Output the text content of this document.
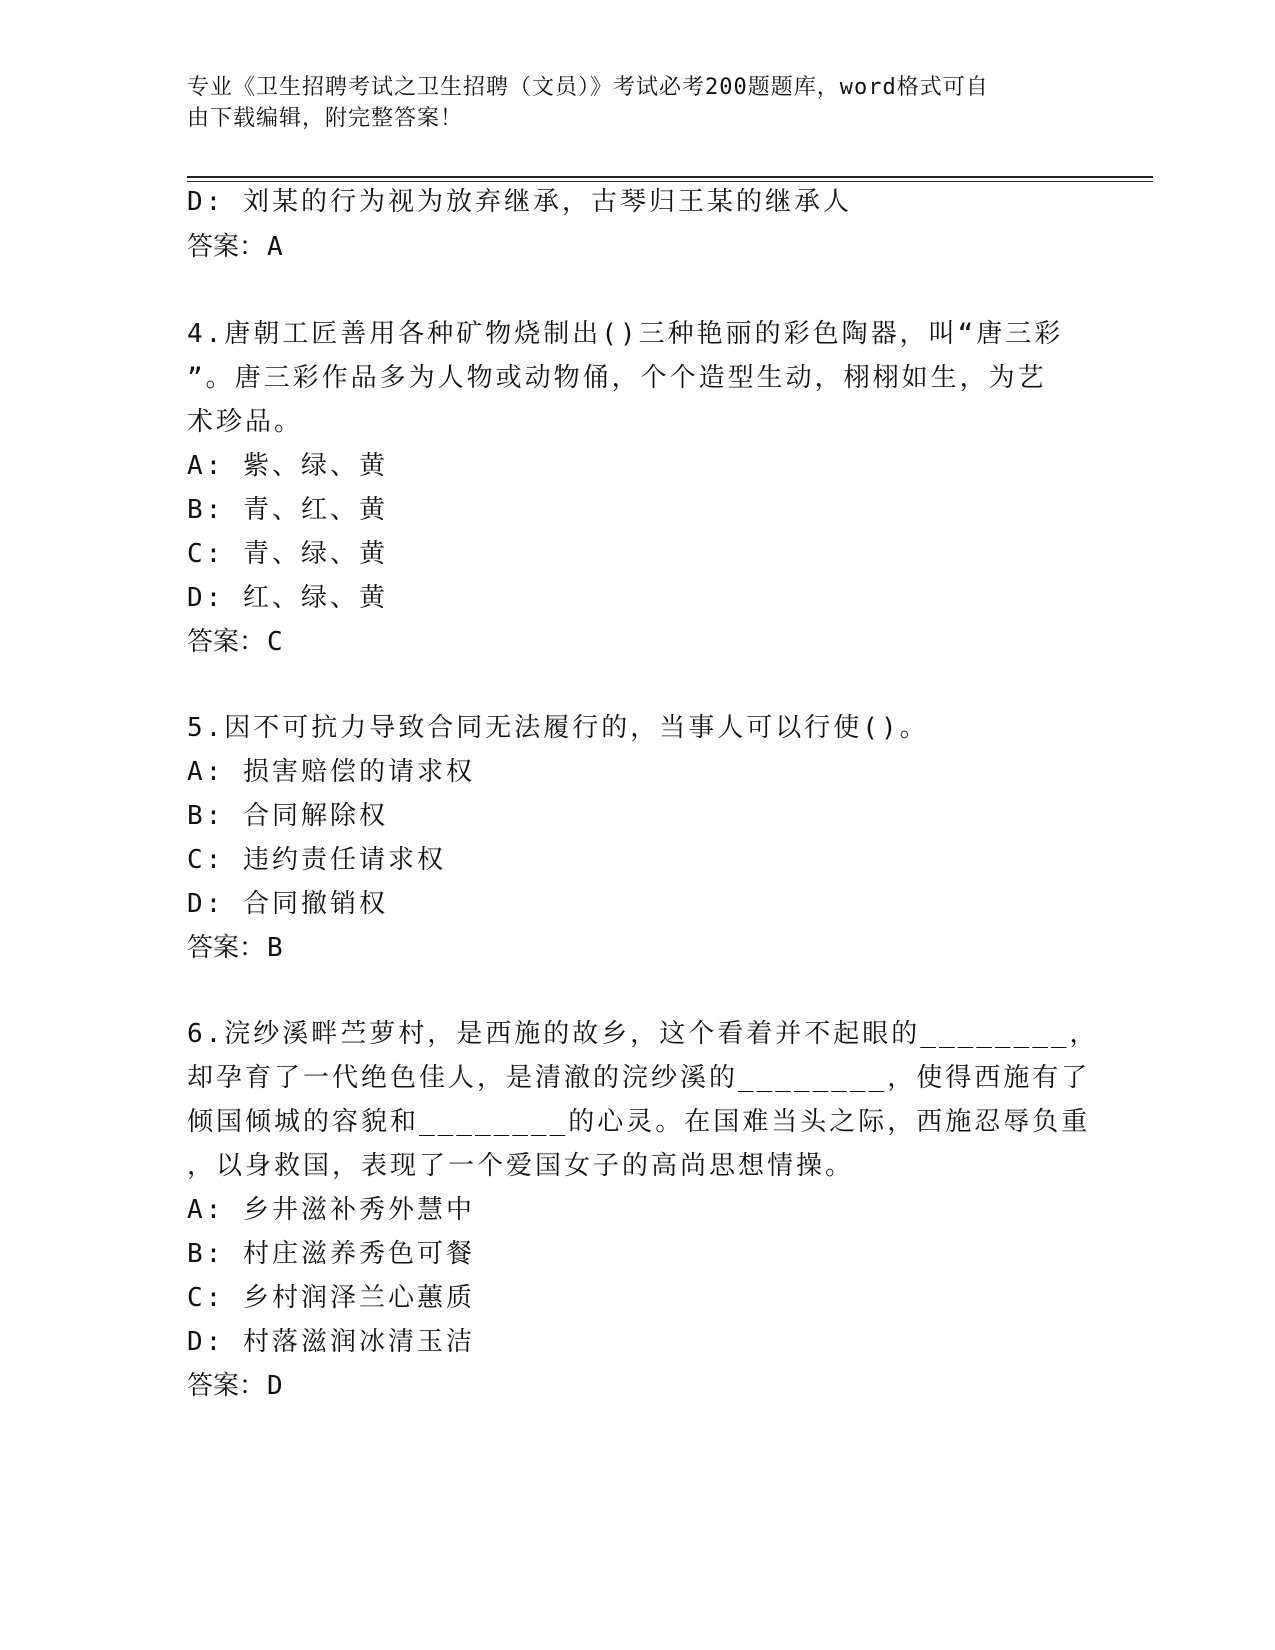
专业《卫生招聘考试之卫生招聘（文员）》考试必考200题题库，word格式可自
由下载编辑，附完整答案！
D: 刘某的行为视为放弃继承，古琴归王某的继承人
答案：A
4.唐朝工匠善用各种矿物烧制出()三种艳丽的彩色陶器，叫“唐三彩
”。唐三彩作品多为人物或动物俑，个个造型生动，栩栩如生，为艺
术珍品。
A: 紫、绿、黄
B: 青、红、黄
C: 青、绿、黄
D: 红、绿、黄
答案：C
5.因不可抗力导致合同无法履行的，当事人可以行使()。
A: 损害赔偿的请求权
B: 合同解除权
C: 违约责任请求权
D: 合同撤销权
答案：B
6.浣纱溪畔苎萝村，是西施的故乡，这个看着并不起眼的________，
却孕育了一代绝色佳人，是清澈的浣纱溪的________，使得西施有了
倾国倾城的容貌和________的心灵。在国难当头之际，西施忍辱负重
，以身救国，表现了一个爱国女子的高尚思想情操。
A: 乡井滋补秀外慧中
B: 村庄滋养秀色可餐
C: 乡村润泽兰心蕙质
D: 村落滋润冰清玉洁
答案：D
